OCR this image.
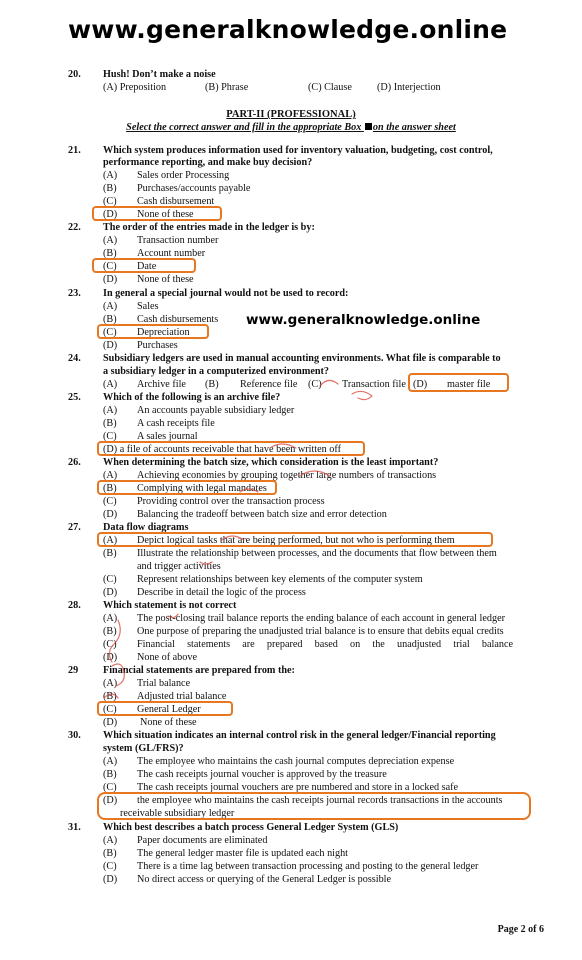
www.generalknowledge.online
www.generalknowledge.online
20. Hush! Don’t make a noise
(A) Preposition	(B) Phrase	(C) Clause (D) Interjection
PART-II (PROFESSIONAL)
Select the correct answer and fill in the appropriate Box on the answer sheet
21. Which system produces information used for inventory valuation, budgeting, cost control,
performance reporting, and make buy decision?
(A) Sales order Processing
(B) Purchases/accounts payable
(C) Cash disbursement
(D) None of these
22. The order of the entries made in the ledger is by:
(A) Transaction number
(B) Account number
(C) Date
(D) None of these
23. In general a special journal would not be used to record:
(A) Sales
(B) Cash disbursements
(C) Depreciation
(D) Purchases
24. Subsidiary ledgers are used in manual accounting environments. What file is comparable to
a subsidiary ledger in a computerized environment?
(A) Archive file (B) Reference file (C) Transaction file (D) master file
25. Which of the following is an archive file?
(A) An accounts payable subsidiary ledger
(B) A cash receipts file
(C) A sales journal
(D) a file of accounts receivable that have been written off
26. When determining the batch size, which consideration is the least important?
(A) Achieving economies by grouping together large numbers of transactions
(B) Complying with legal mandates
(C) Providing control over the transaction process
(D) Balancing the tradeoff between batch size and error detection
27. Data flow diagrams
(A) Depict logical tasks that are being performed, but not who is performing them
(B) Illustrate the relationship between processes, and the documents that flow between them
and trigger activities
(C) Represent relationships between key elements of the computer system
(D) Describe in detail the logic of the process
28. Which statement is not correct
(A) The post-closing trail balance reports the ending balance of each account in general ledger
(B) One purpose of preparing the unadjusted trial balance is to ensure that debits equal credits
(C) Financial statements are prepared based on the unadjusted trial balance
(D) None of above
29 Financial statements are prepared from the:
(A) Trial balance
(B) Adjusted trial balance
(C) General Ledger
(D) None of these
30. Which situation indicates an internal control risk in the general ledger/Financial reporting
system (GL/FRS)?
(A) The employee who maintains the cash journal computes depreciation expense
(B) The cash receipts journal voucher is approved by the treasure
(C) The cash receipts journal vouchers are pre numbered and store in a locked safe
(D) the employee who maintains the cash receipts journal records transactions in the accounts
receivable subsidiary ledger
31. Which best describes a batch process General Ledger System (GLS)
(A) Paper documents are eliminated
(B) The general ledger master file is updated each night
(C) There is a time lag between transaction processing and posting to the general ledger
(D) No direct access or querying of the General Ledger is possible
Page 2 of 6
